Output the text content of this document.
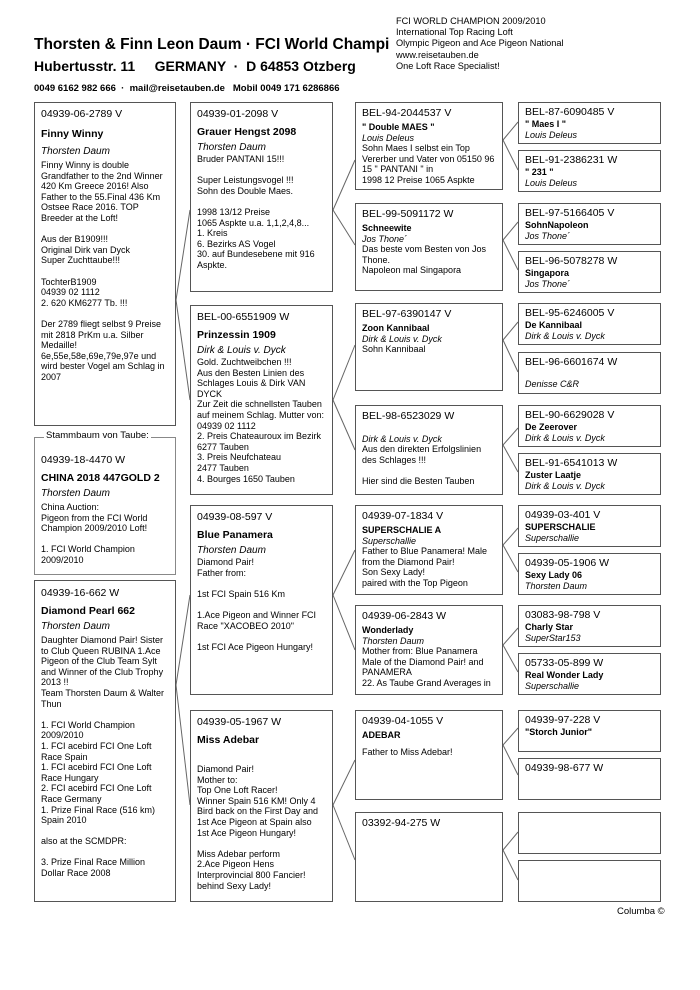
Thorsten & Finn Leon Daum · FCI World Champi
Hubertusstr. 11     GERMANY  ·  D 64853 Otzberg
0049 6162 982 666  ·  mail@reisetauben.de   Mobil 0049 171 6286866
FCI WORLD CHAMPION 2009/2010
International Top Racing Loft
Olympic Pigeon and Ace Pigeon National
www.reisetauben.de
One Loft Race Specialist!
04939-06-2789 V
Finny Winny
Thorsten Daum
Finny Winny is double Grandfather to the 2nd Winner 420 Km Greece 2016! Also Father to the 55.Final 436 Km Ostsee Race 2016. TOP Breeder at the Loft!

Aus der B1909!!!
Original Dirk van Dyck
Super Zuchttaube!!!

TochterB1909
04939 02 1112
2. 620 KM6277 Tb. !!!

Der 2789 fliegt selbst 9 Preise mit 2818 PrKm u.a. Silber Medaille!
6e,55e,58e,69e,79e,97e und wird bester Vogel am Schlag in 2007
Stammbaum von Taube:
04939-18-4470 W
CHINA 2018 447GOLD 2
Thorsten Daum
China Auction:
Pigeon from the FCI World Champion 2009/2010 Loft!

1. FCI World Champion 2009/2010
04939-16-662 W
Diamond Pearl 662
Thorsten Daum
Daughter Diamond Pair! Sister to Club Queen RUBINA 1.Ace Pigeon of the Club Team Sylt and Winner of the Club Trophy 2013 !!
Team Thorsten Daum & Walter Thun

1. FCI World Champion 2009/2010
1. FCI acebird FCI One Loft Race Spain
1. FCI acebird FCI One Loft Race Hungary
2. FCI acebird FCI One Loft Race Germany
1. Prize Final Race (516 km) Spain 2010

also at the SCMDPR:

3. Prize Final Race Million Dollar Race 2008
04939-01-2098 V
Grauer Hengst 2098
Thorsten Daum
Bruder PANTANI 15!!!

Super Leistungsvogel !!!
Sohn des Double Maes.

1998 13/12 Preise
1065 Aspkte u.a. 1,1,2,4,8...
1. Kreis
6. Bezirks AS Vogel
30. auf Bundesebene mit 916 Aspkte.
BEL-00-6551909 W
Prinzessin 1909
Dirk & Louis v. Dyck
Gold. Zuchtweibchen !!!
Aus den Besten Linien des Schlages Louis & Dirk VAN DYCK
Zur Zeit die schnellsten Tauben auf meinem Schlag. Mutter von:
04939 02 1112
2. Preis Chateauroux im Bezirk 6277 Tauben
3. Preis Neufchateau
2477 Tauben
4. Bourges 1650 Tauben
04939-08-597 V
Blue Panamera
Thorsten Daum
Diamond Pair!
Father from:

1st FCI Spain 516 Km

1.Ace Pigeon and Winner FCI Race "XACOBEO 2010"

1st FCI Ace Pigeon Hungary!
04939-05-1967 W
Miss Adebar
Diamond Pair!
Mother to:
Top One Loft Racer!
Winner Spain 516 KM! Only 4 Bird back on the First Day and 1st Ace Pigeon at Spain also 1st Ace Pigeon Hungary!

Miss Adebar perform
2.Ace Pigeon Hens
Interprovincial 800 Fancier!
behind Sexy Lady!
BEL-94-2044537 V
" Double MAES "
Louis Deleus
Sohn Maes I selbst ein Top Vererber und Vater von 05150 96 15 " PANTANI " in
1998 12 Preise 1065 Aspkte
BEL-99-5091172 W
Schneewite
Jos Thone´
Das beste vom Besten von Jos Thone.
Napoleon mal Singapora
BEL-97-6390147 V
Zoon Kannibaal
Dirk & Louis v. Dyck
Sohn Kannibaal
BEL-98-6523029 W
Dirk & Louis v. Dyck
Aus den direkten Erfolgslinien des Schlages !!!

Hier sind die Besten Tauben
04939-07-1834 V
SUPERSCHALIE A
Superschallie
Father to Blue Panamera! Male from the Diamond Pair!
Son Sexy Lady!
paired with the Top Pigeon
04939-06-2843 W
Wonderlady
Thorsten Daum
Mother from: Blue Panamera Male of the Diamond Pair! and PANAMERA
22. As Taube Grand Averages in
04939-04-1055 V
ADEBAR
Father to Miss Adebar!
03392-94-275 W
BEL-87-6090485 V
" Maes I "
Louis Deleus
BEL-91-2386231 W
" 231 "
Louis Deleus
BEL-97-5166405 V
SohnNapoleon
Jos Thone´
BEL-96-5078278 W
Singapora
Jos Thone´
BEL-95-6246005 V
De Kannibaal
Dirk & Louis v. Dyck
BEL-96-6601674 W
Denisse C&R
BEL-90-6629028 V
De Zeerover
Dirk & Louis v. Dyck
BEL-91-6541013 W
Zuster Laatje
Dirk & Louis v. Dyck
04939-03-401 V
SUPERSCHALIE
Superschallie
04939-05-1906 W
Sexy Lady 06
Thorsten Daum
03083-98-798 V
Charly Star
SuperStar153
05733-05-899 W
Real Wonder Lady
Superschallie
04939-97-228 V
"Storch Junior"
04939-98-677 W
Columba ©
